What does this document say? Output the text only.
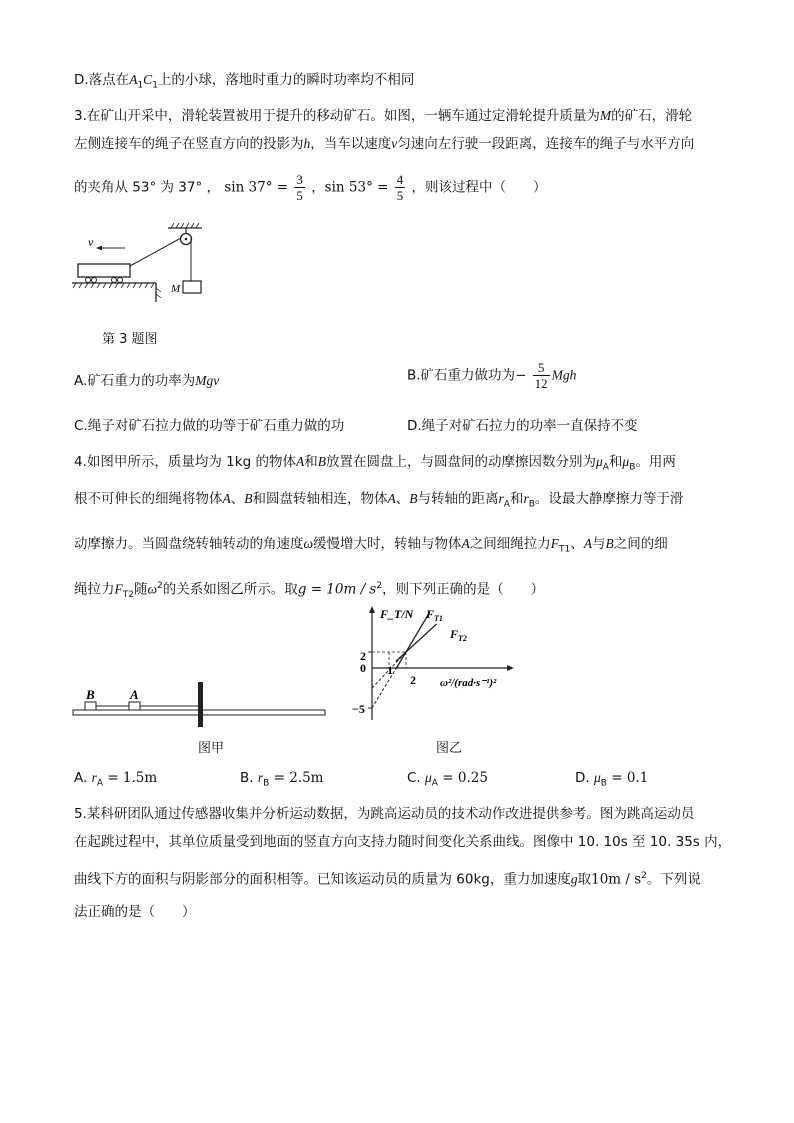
D.落点在$A_1C_1$上的小球，落地时重力的瞬时功率均不相同
3.在矿山开采中，滑轮装置被用于提升的移动矿石。如图，一辆车通过定滑轮提升质量为M的矿石，滑轮
左侧连接车的绳子在竖直方向的投影为h，当车以速度v匀速向左行驶一段距离，连接车的绳子与水平方向
的夹角从 53° 为 37° ， $\sin 37^\circ = \frac{3}{5}$ ，$\sin 53^\circ = \frac{4}{5}$ ，则该过程中（　　）
v
M
第 3 题图
A.矿石重力的功率为Mgv	B.矿石重力做功为− $\frac{5}{12}$ Mgh
C.绳子对矿石拉力做的功等于矿石重力做的功	D.绳子对矿石拉力的功率一直保持不变
4.如图甲所示，质量均为 1kg 的物体A和B放置在圆盘上，与圆盘间的动摩擦因数分别为$\mu_A$和$\mu_B$。用两
根不可伸长的细绳将物体A、B和圆盘转轴相连，物体A、B与转轴的距离$r_A$和$r_B$。设最大静摩擦力等于滑
动摩擦力。当圆盘绕转轴转动的角速度ω缓慢增大时，转轴与物体A之间细绳拉力$F_{T1}$、A与B之间的细
绳拉力$F_{T2}$随$\omega^2$的关系如图乙所示。取$g = 10m / s^2$，则下列正确的是（　　）
B	A
图甲
F_T/N
ω²/(rad·s⁻¹)²
2
0
−5
1
2
$F_{T1}$
$F_{T2}$
图乙
A. $r_A = 1.5m$	B. $r_B = 2.5m$	C. $\mu_A = 0.25$	D. $\mu_B = 0.1$
5.某科研团队通过传感器收集并分析运动数据，为跳高运动员的技术动作改进提供参考。图为跳高运动员
在起跳过程中，其单位质量受到地面的竖直方向支持力随时间变化关系曲线。图像中 10. 10s 至 10. 35s 内，
曲线下方的面积与阴影部分的面积相等。已知该运动员的质量为 60kg，重力加速度g取$10m / s^2$。下列说
法正确的是（　　）
